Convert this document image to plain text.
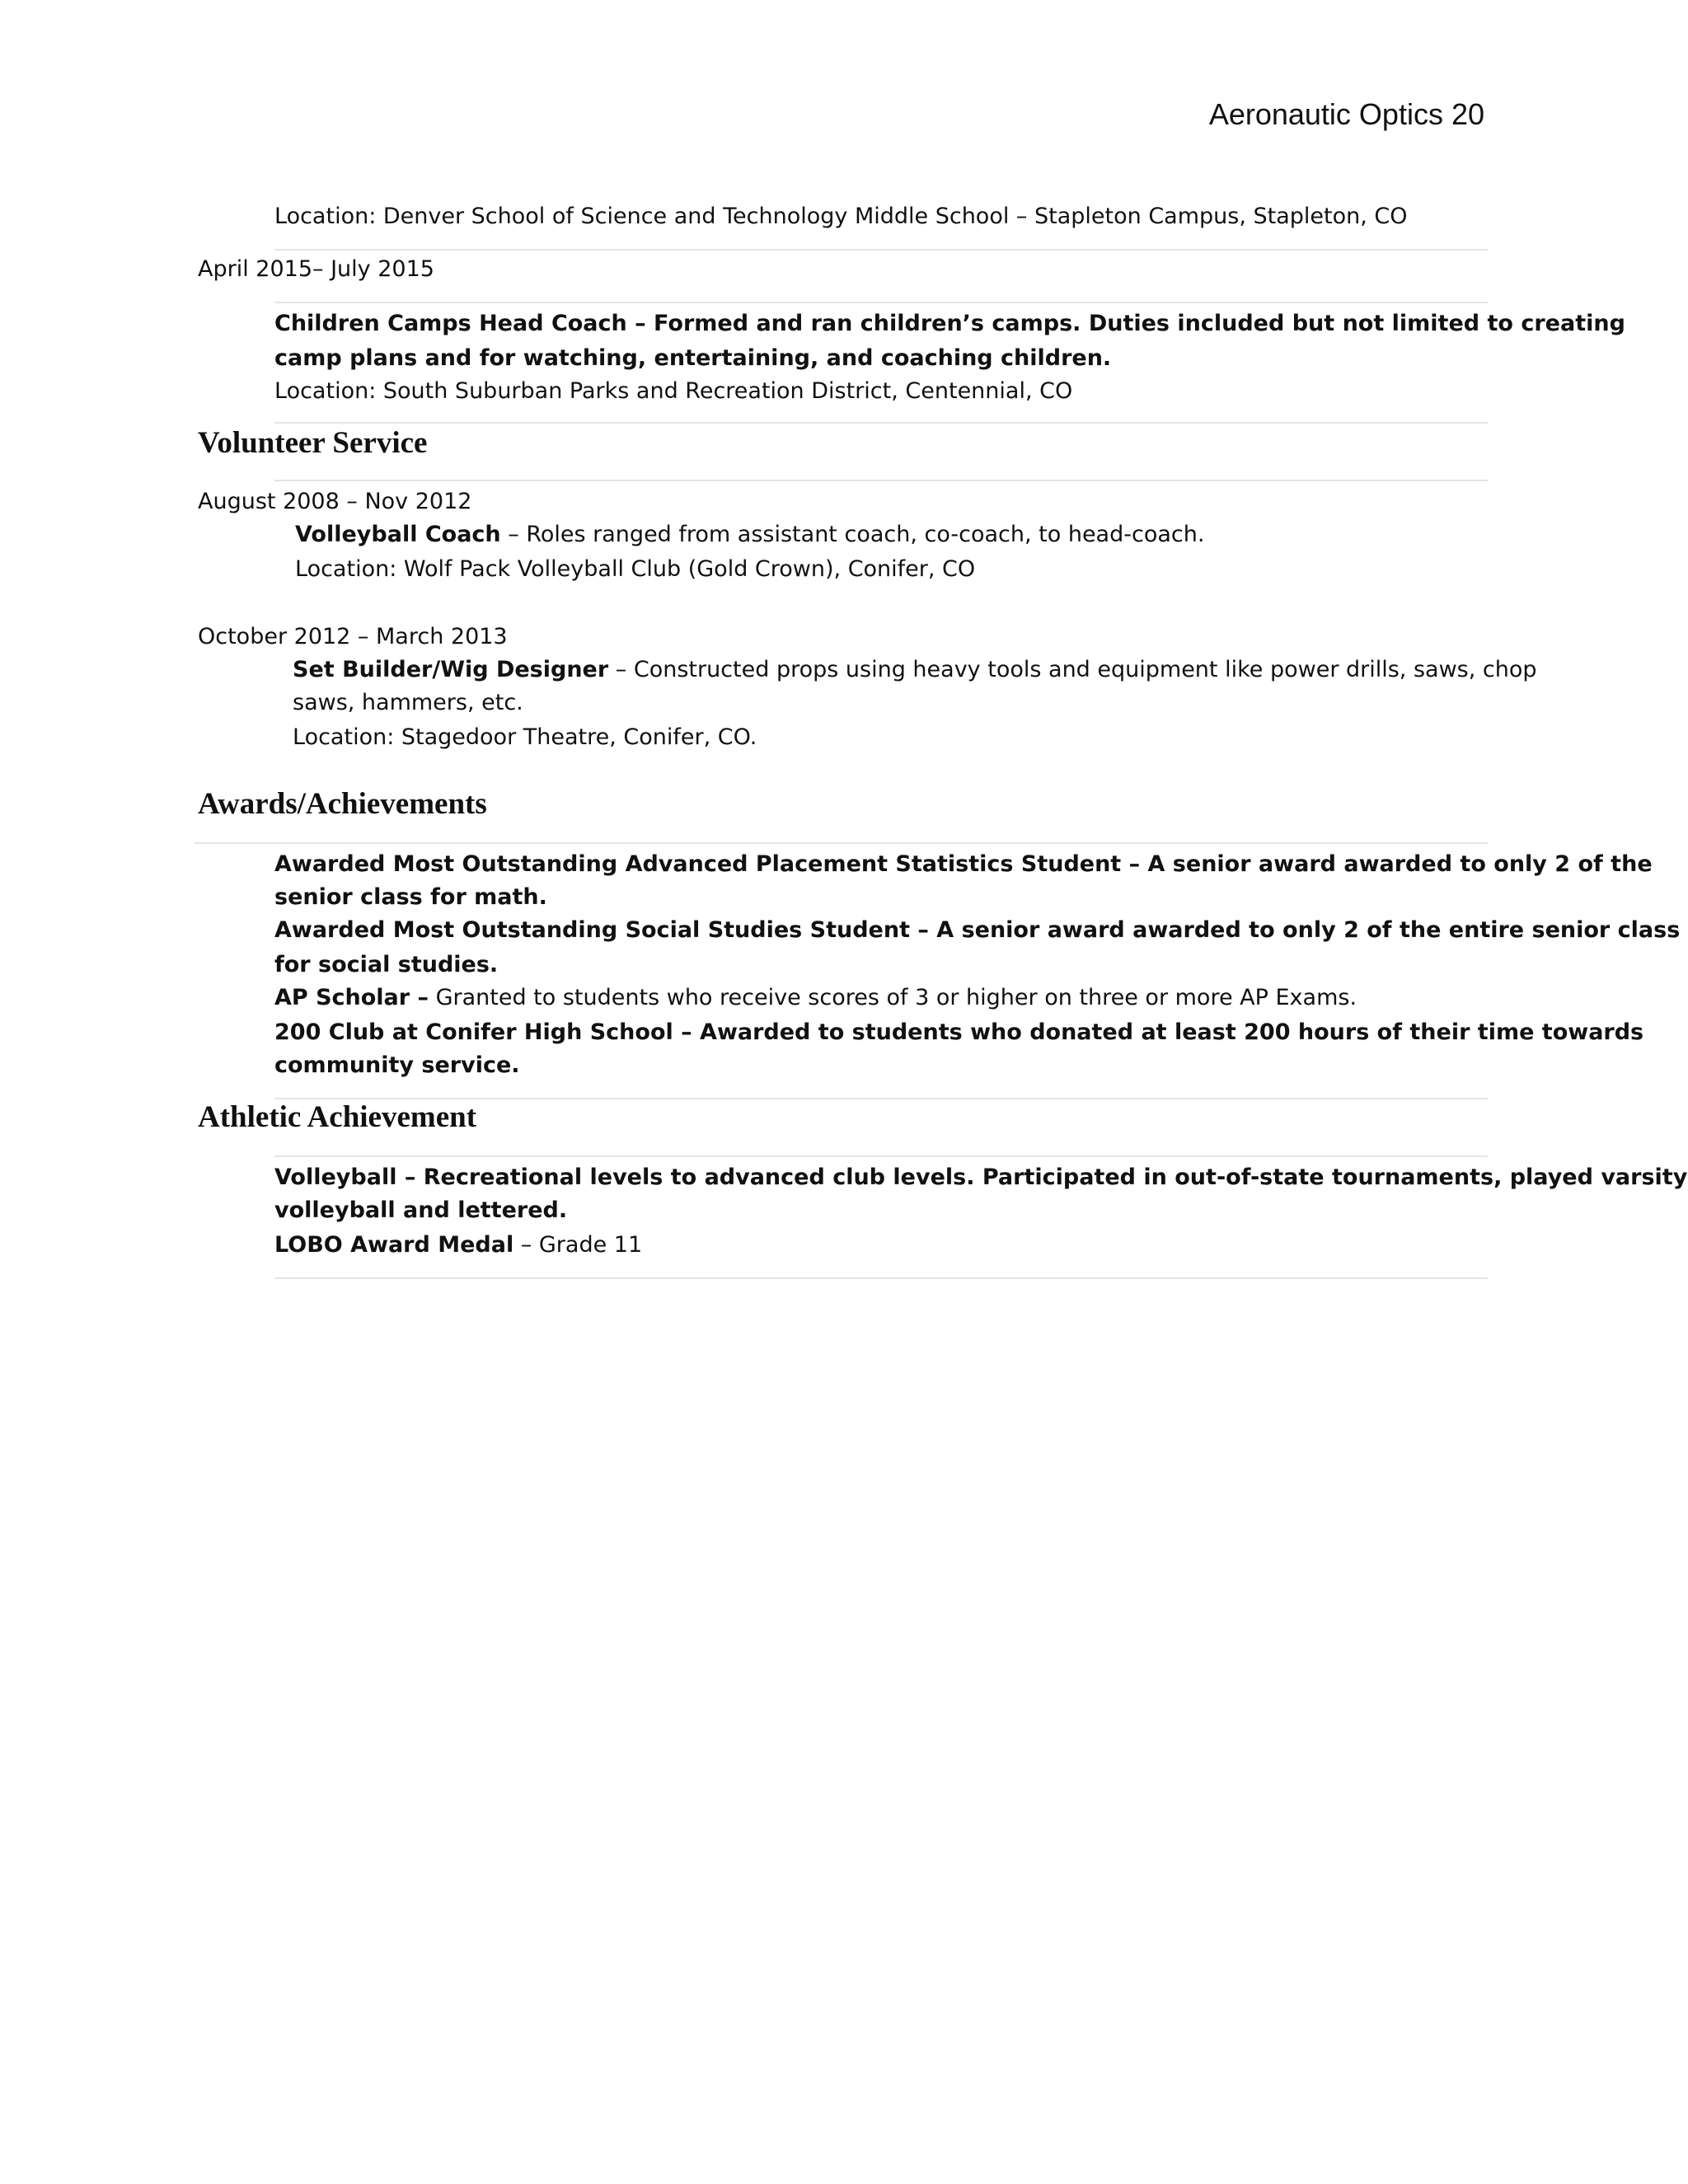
Aeronautic Optics 20
Location: Denver School of Science and Technology Middle School – Stapleton Campus, Stapleton, CO
April 2015– July 2015
Children Camps Head Coach – Formed and ran children’s camps. Duties included but not limited to creating
camp plans and for watching, entertaining, and coaching children.
Location: South Suburban Parks and Recreation District, Centennial, CO
Volunteer Service
August 2008 – Nov 2012
Volleyball Coach – Roles ranged from assistant coach, co-coach, to head-coach.
Location: Wolf Pack Volleyball Club (Gold Crown), Conifer, CO
October 2012 – March 2013
Set Builder/Wig Designer – Constructed props using heavy tools and equipment like power drills, saws, chop
saws, hammers, etc.
Location: Stagedoor Theatre, Conifer, CO.
Awards/Achievements
Awarded Most Outstanding Advanced Placement Statistics Student – A senior award awarded to only 2 of the
senior class for math.
Awarded Most Outstanding Social Studies Student – A senior award awarded to only 2 of the entire senior class
for social studies.
AP Scholar – Granted to students who receive scores of 3 or higher on three or more AP Exams.
200 Club at Conifer High School – Awarded to students who donated at least 200 hours of their time towards
community service.
Athletic Achievement
Volleyball – Recreational levels to advanced club levels. Participated in out-of-state tournaments, played varsity
volleyball and lettered.
LOBO Award Medal – Grade 11
